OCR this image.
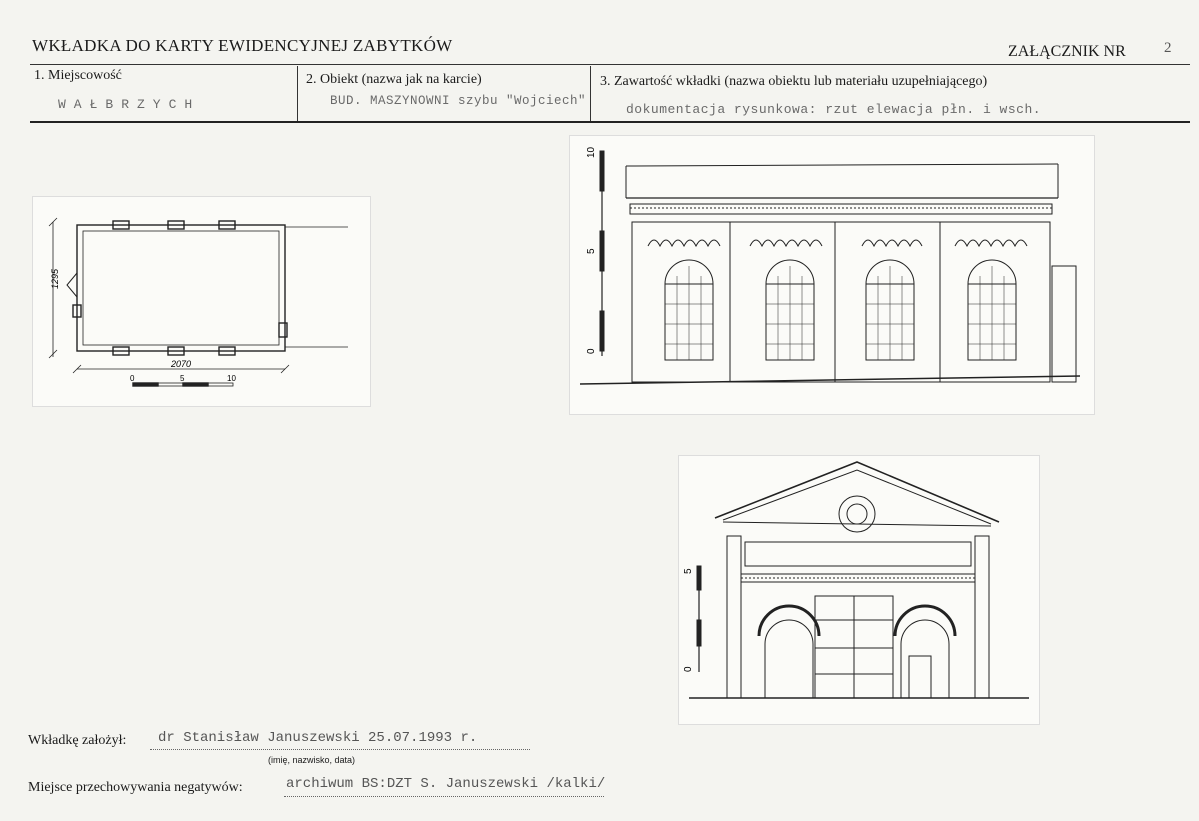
WKŁADKA DO KARTY EWIDENCYJNEJ ZABYTKÓW	ZAŁĄCZNIK NR	2
1. Miejscowość
WAŁBRZYCH
2. Obiekt (nazwa jak na karcie)
BUD. MASZYNOWNI szybu "Wojciech"
3. Zawartość wkładki (nazwa obiektu lub materiału uzupełniającego)
dokumentacja rysunkowa: rzut elewacja płn. i wsch.
1295
2070
0	5	10
10
5
0
5
0
Wkładkę założył: dr Stanisław Januszewski 25.07.1993 r.
(imię, nazwisko, data)
Miejsce przechowywania negatywów:	archiwum BS:DZT S. Januszewski /kalki/
